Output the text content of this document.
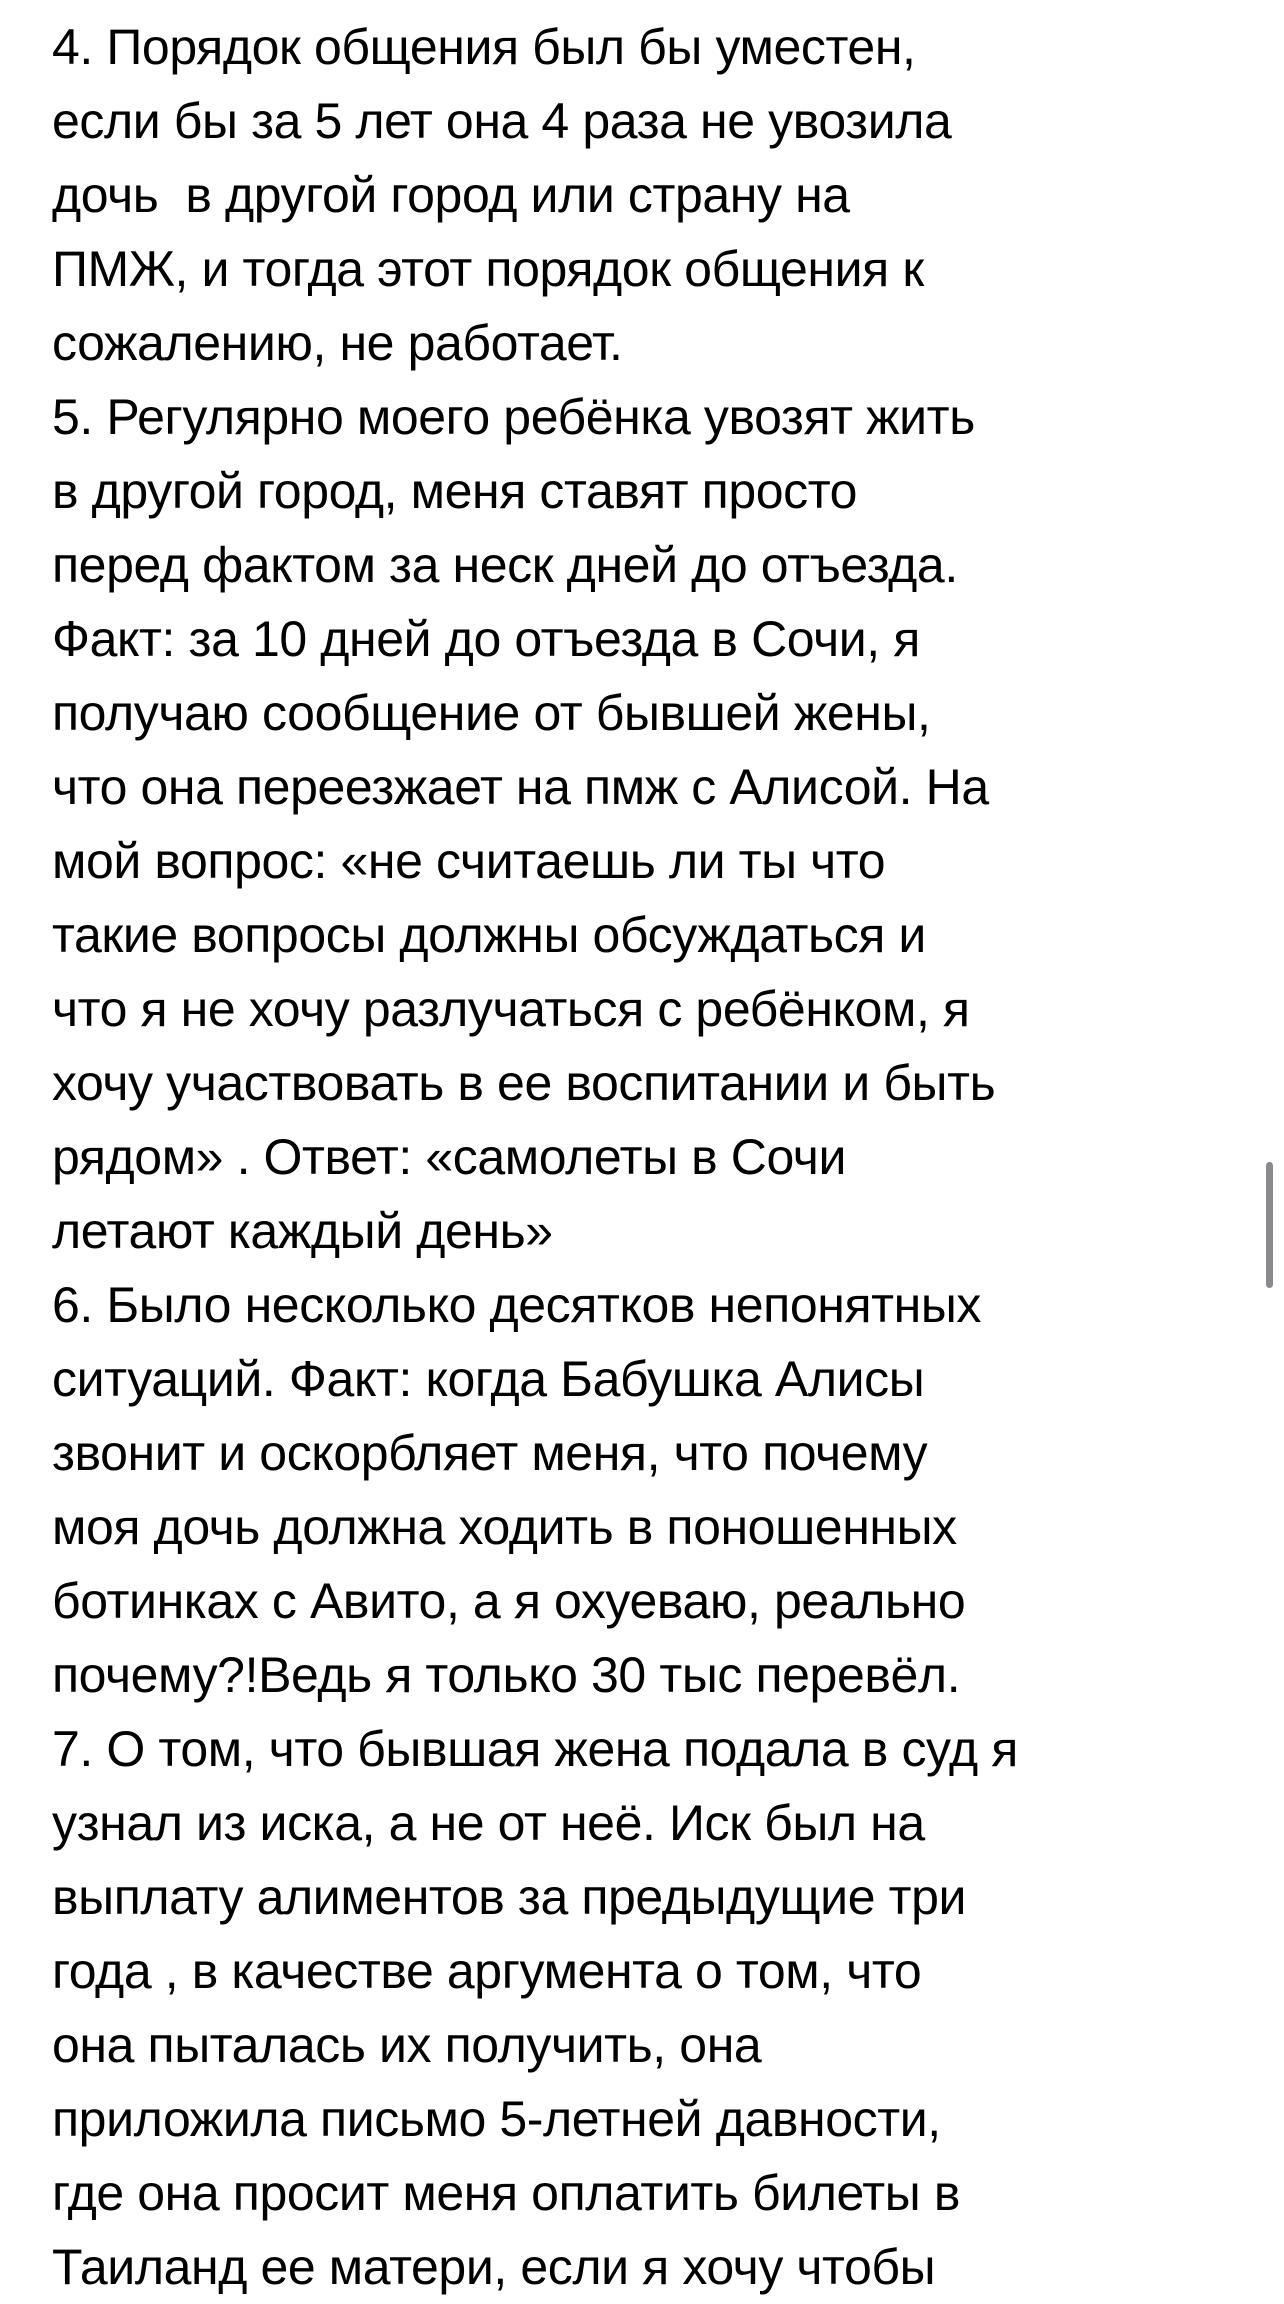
4. Порядок общения был бы уместен,
если бы за 5 лет она 4 раза не увозила
дочь  в другой город или страну на
ПМЖ, и тогда этот порядок общения к
сожалению, не работает.
5. Регулярно моего ребёнка увозят жить
в другой город, меня ставят просто
перед фактом за неск дней до отъезда.
Факт: за 10 дней до отъезда в Сочи, я
получаю сообщение от бывшей жены,
что она переезжает на пмж с Алисой. На
мой вопрос: «не считаешь ли ты что
такие вопросы должны обсуждаться и
что я не хочу разлучаться с ребёнком, я
хочу участвовать в ее воспитании и быть
рядом» . Ответ: «самолеты в Сочи
летают каждый день»
6. Было несколько десятков непонятных
ситуаций. Факт: когда Бабушка Алисы
звонит и оскорбляет меня, что почему
моя дочь должна ходить в поношенных
ботинках с Авито, а я охуеваю, реально
почему?!Ведь я только 30 тыс перевёл.
7. О том, что бывшая жена подала в суд я
узнал из иска, а не от неё. Иск был на
выплату алиментов за предыдущие три
года , в качестве аргумента о том, что
она пыталась их получить, она
приложила письмо 5-летней давности,
где она просит меня оплатить билеты в
Таиланд ее матери, если я хочу чтобы
